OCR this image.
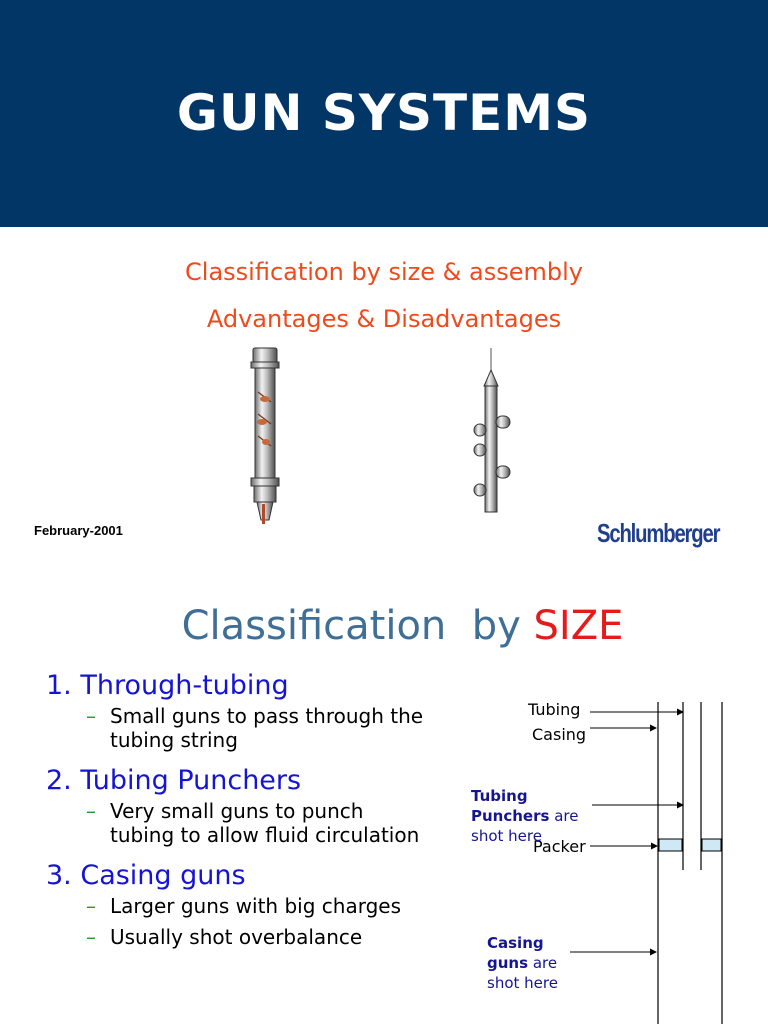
GUN SYSTEMS
Classification by size & assembly
Advantages & Disadvantages
February-2001	Schlumberger
Classification  by SIZE
1. Through-tubing
– Small guns to pass through the tubing string
2. Tubing Punchers
– Very small guns to punch tubing to allow fluid circulation
3. Casing guns
– Larger guns with big charges
– Usually shot overbalance
Tubing
Casing
Packer
Tubing Punchers are shot here
Casing guns are shot here
